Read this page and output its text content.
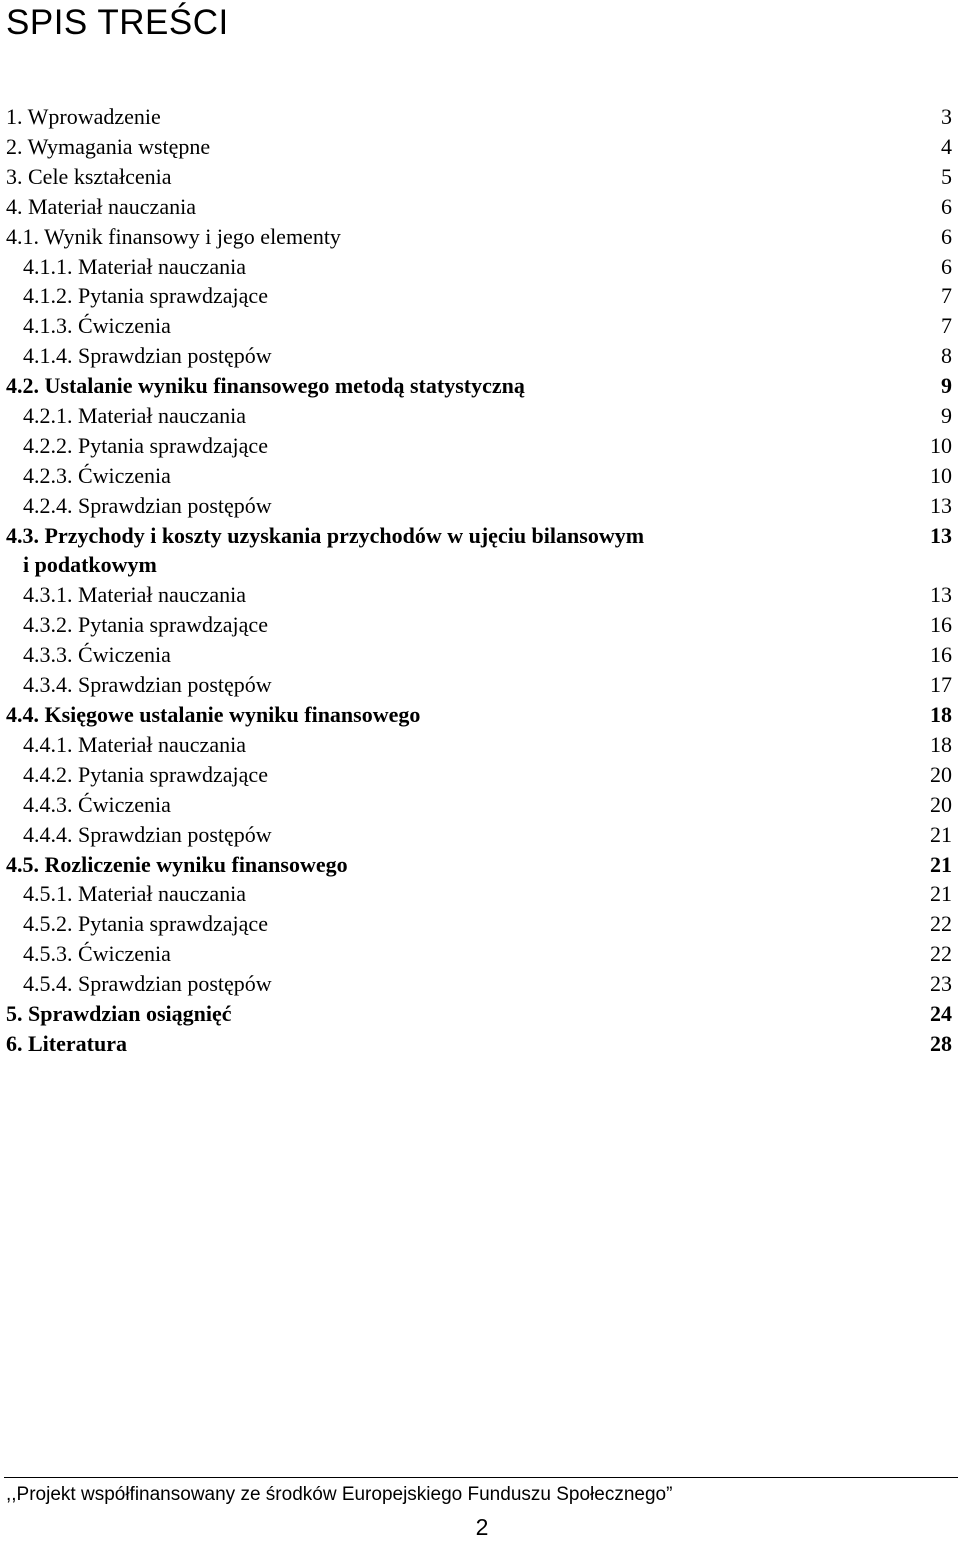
SPIS TREŚCI
1. Wprowadzenie	3
2. Wymagania wstępne	4
3. Cele kształcenia	5
4. Materiał nauczania	6
4.1. Wynik finansowy i jego elementy	6
4.1.1. Materiał nauczania	6
4.1.2. Pytania sprawdzające	7
4.1.3. Ćwiczenia	7
4.1.4. Sprawdzian postępów	8
4.2. Ustalanie wyniku finansowego metodą statystyczną	9
4.2.1. Materiał nauczania	9
4.2.2. Pytania sprawdzające	10
4.2.3. Ćwiczenia	10
4.2.4. Sprawdzian postępów	13
4.3. Przychody i koszty uzyskania przychodów w ujęciu bilansowym	13
i podatkowym
4.3.1. Materiał nauczania	13
4.3.2. Pytania sprawdzające	16
4.3.3. Ćwiczenia	16
4.3.4. Sprawdzian postępów	17
4.4. Księgowe ustalanie wyniku finansowego	18
4.4.1. Materiał nauczania	18
4.4.2. Pytania sprawdzające	20
4.4.3. Ćwiczenia	20
4.4.4. Sprawdzian postępów	21
4.5. Rozliczenie wyniku finansowego	21
4.5.1. Materiał nauczania	21
4.5.2. Pytania sprawdzające	22
4.5.3. Ćwiczenia	22
4.5.4. Sprawdzian postępów	23
5. Sprawdzian osiągnięć	24
6. Literatura	28
,,Projekt współfinansowany ze środków Europejskiego Funduszu Społecznego”
2
